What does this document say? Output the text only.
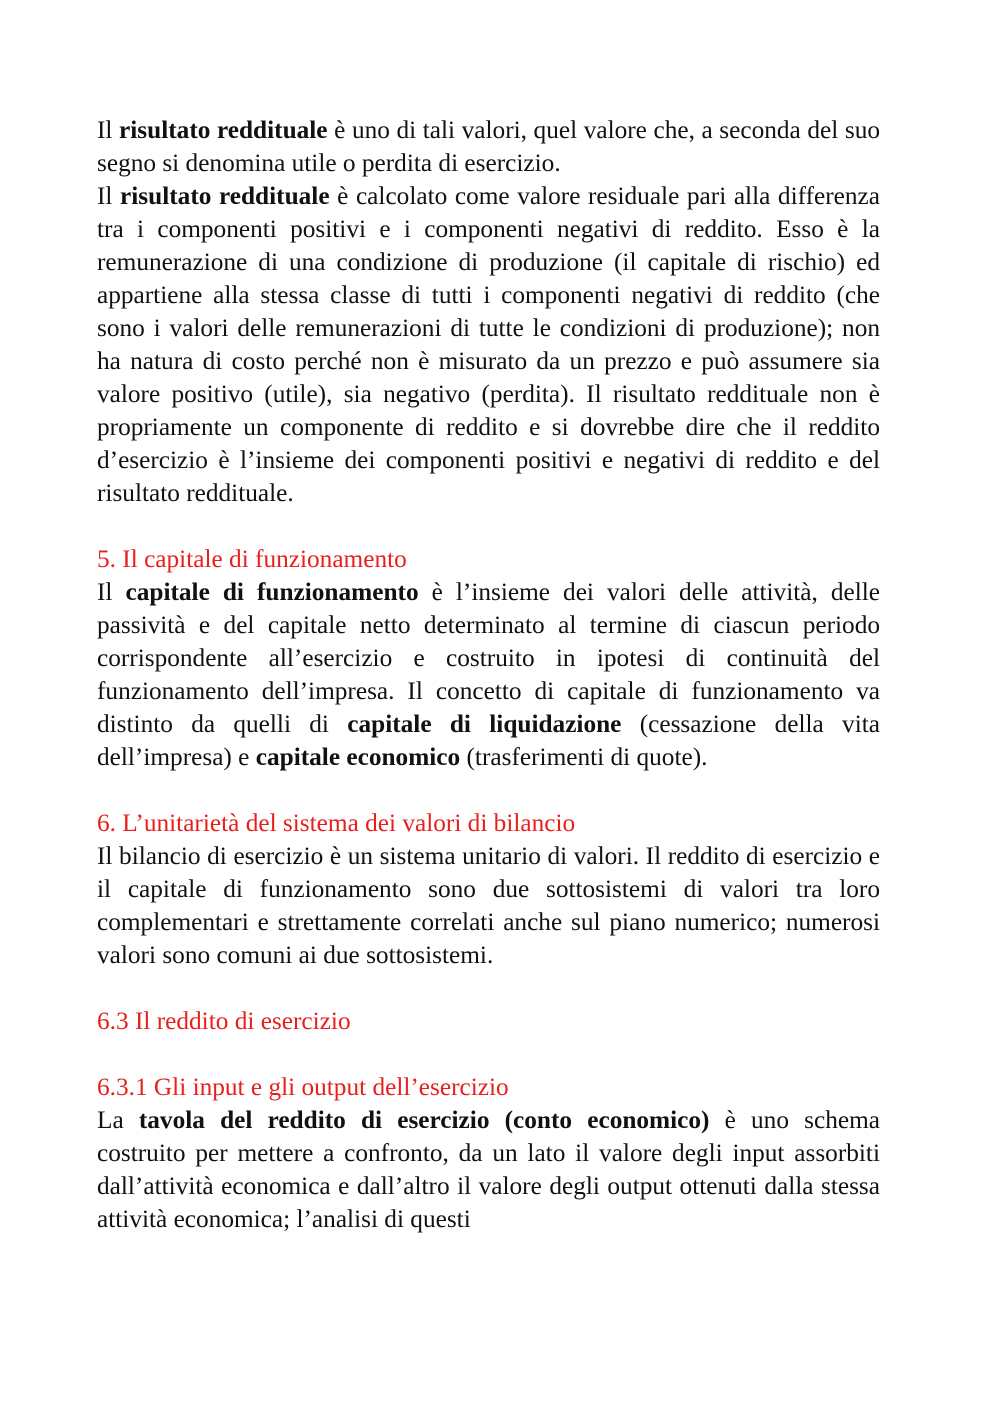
Il risultato reddituale è uno di tali valori, quel valore che, a seconda del suo segno si denomina utile o perdita di esercizio.

Il risultato reddituale è calcolato come valore residuale pari alla differenza tra i componenti positivi e i componenti negativi di reddito. Esso è la remunerazione di una condizione di produzione (il capitale di rischio) ed appartiene alla stessa classe di tutti i componenti negativi di reddito (che sono i valori delle remunerazioni di tutte le condizioni di produzione); non ha natura di costo perché non è misurato da un prezzo e può assumere sia valore positivo (utile), sia negativo (perdita). Il risultato reddituale non è propriamente un componente di reddito e si dovrebbe dire che il reddito d’esercizio è l’insieme dei componenti positivi e negativi di reddito e del risultato reddituale.

5. Il capitale di funzionamento

Il capitale di funzionamento è l’insieme dei valori delle attività, delle passività e del capitale netto determinato al termine di ciascun periodo corrispondente all’esercizio e costruito in ipotesi di continuità del funzionamento dell’impresa. Il concetto di capitale di funzionamento va distinto da quelli di capitale di liquidazione (cessazione della vita dell’impresa) e capitale economico (trasferimenti di quote).

6. L’unitarietà del sistema dei valori di bilancio

Il bilancio di esercizio è un sistema unitario di valori. Il reddito di esercizio e il capitale di funzionamento sono due sottosistemi di valori tra loro complementari e strettamente correlati anche sul piano numerico; numerosi valori sono comuni ai due sottosistemi.

6.3 Il reddito di esercizio

6.3.1 Gli input e gli output dell’esercizio

La tavola del reddito di esercizio (conto economico) è uno schema costruito per mettere a confronto, da un lato il valore degli input assorbiti dall’attività economica e dall’altro il valore degli output ottenuti dalla stessa attività economica; l’analisi di questi
